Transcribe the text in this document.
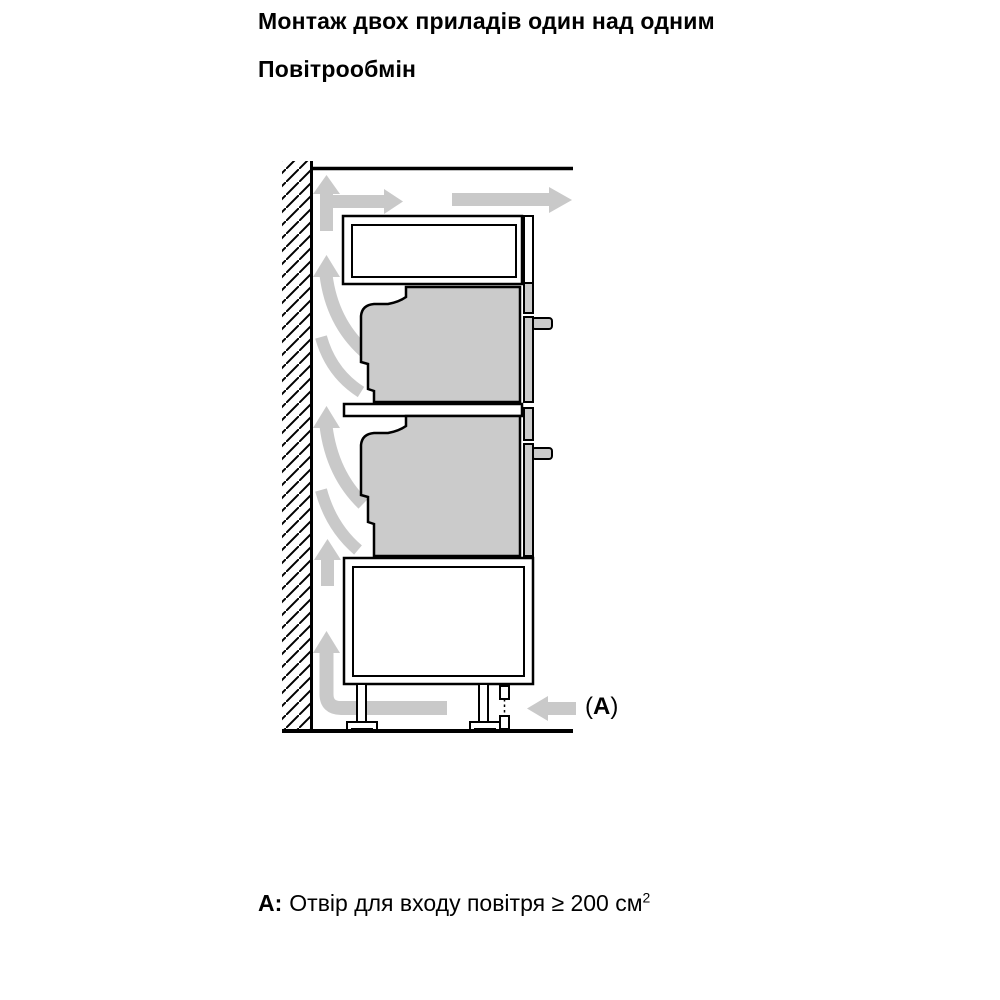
Монтаж двох приладів один над одним
Повітрообмін
(A)

A: Отвір для входу повітря ≥ 200 $см^2$
